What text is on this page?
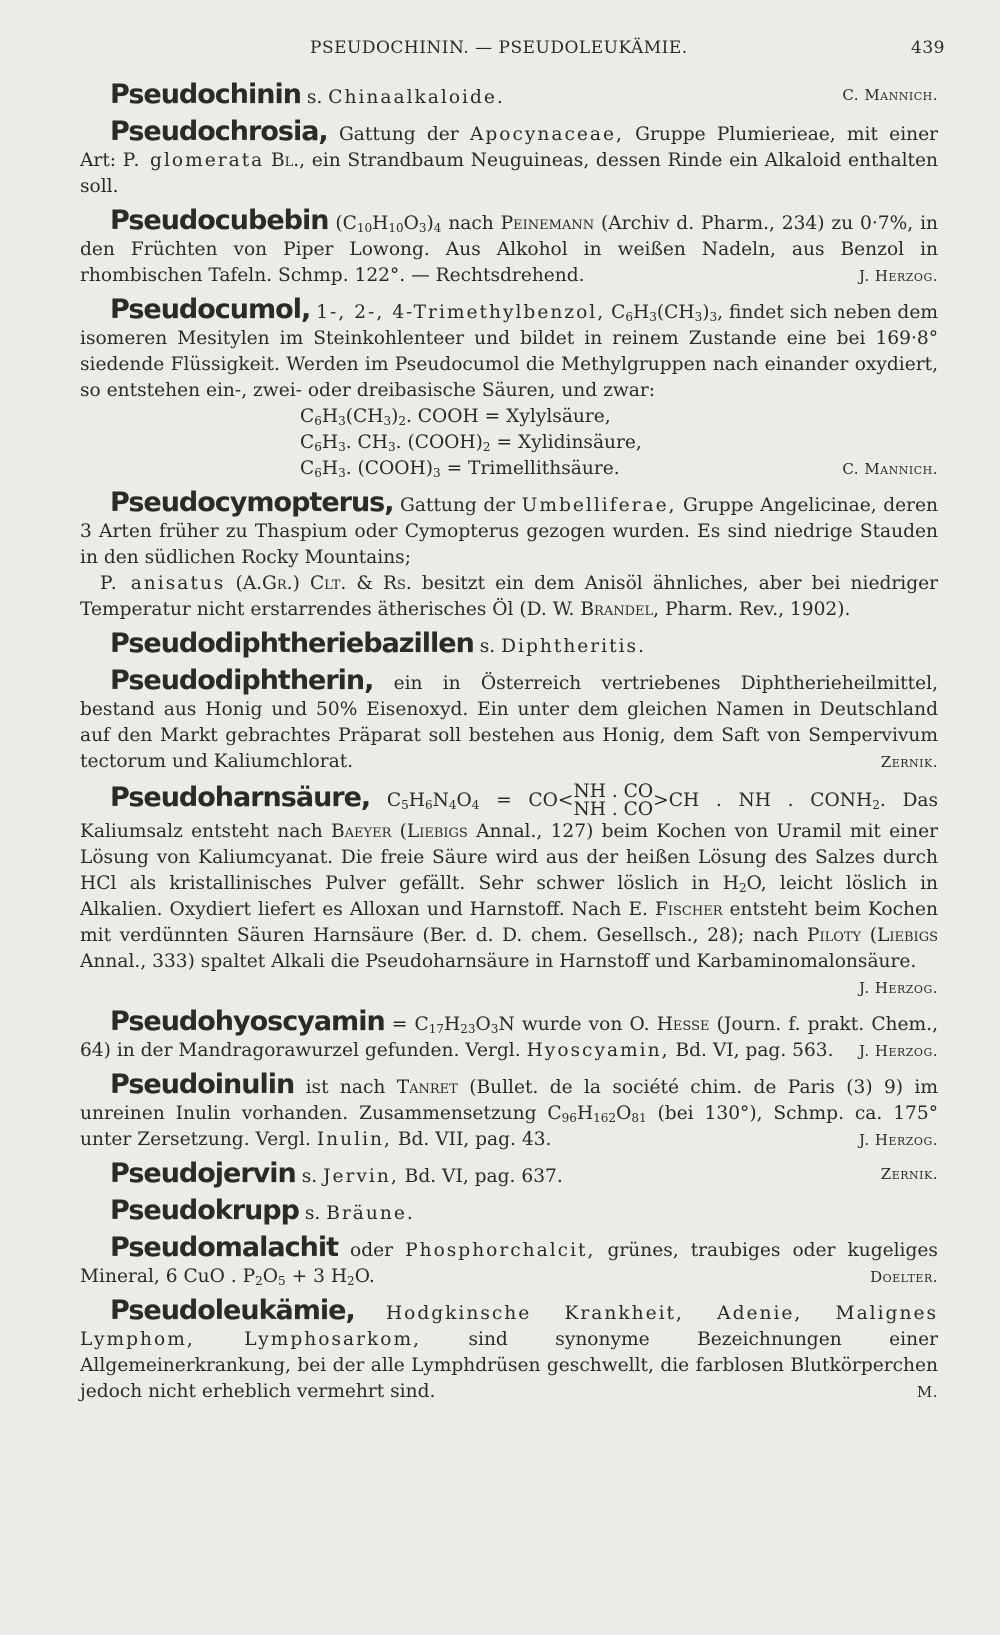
PSEUDOCHININ. — PSEUDOLEUKÄMIE.	439

Pseudochinin s. Chinaalkaloide.	C. Mannich.

Pseudochrosia, Gattung der Apocynaceae, Gruppe Plumierieae, mit einer Art: P. glomerata Bl., ein Strandbaum Neuguineas, dessen Rinde ein Alkaloid enthalten soll.

Pseudocubebin $(C_{10}H_{10}O_3)_4$ nach Peinemann (Archiv d. Pharm., 234) zu 0·7%, in den Früchten von Piper Lowong. Aus Alkohol in weißen Nadeln, aus Benzol in rhombischen Tafeln. Schmp. 122°. — Rechtsdrehend.	J. Herzog.

Pseudocumol, 1-, 2-, 4-Trimethylbenzol, $C_6H_3(CH_3)_3$, findet sich neben dem isomeren Mesitylen im Steinkohlenteer und bildet in reinem Zustande eine bei 169·8° siedende Flüssigkeit. Werden im Pseudocumol die Methylgruppen nach einander oxydiert, so entstehen ein-, zwei- oder dreibasische Säuren, und zwar:
$C_6H_3(CH_3)_2$. COOH = Xylylsäure,
$C_6H_3$. $CH_3$. $(COOH)_2$ = Xylidinsäure,
$C_6H_3$. $(COOH)_3$ = Trimellithsäure.	C. Mannich.

Pseudocymopterus, Gattung der Umbelliferae, Gruppe Angelicinae, deren 3 Arten früher zu Thaspium oder Cymopterus gezogen wurden. Es sind niedrige Stauden in den südlichen Rocky Mountains;
P. anisatus (A.Gr.) Clt. & Rs. besitzt ein dem Anisöl ähnliches, aber bei niedriger Temperatur nicht erstarrendes ätherisches Öl (D. W. Brandel, Pharm. Rev., 1902).

Pseudodiphtheriebazillen s. Diphtheritis.

Pseudodiphtherin, ein in Österreich vertriebenes Diphtherieheilmittel, bestand aus Honig und 50% Eisenoxyd. Ein unter dem gleichen Namen in Deutschland auf den Markt gebrachtes Präparat soll bestehen aus Honig, dem Saft von Sempervivum tectorum und Kaliumchlorat.	Zernik.

Pseudoharnsäure, $C_5H_6N_4O_4 = CO<NH$ . CO
NH . CO>CH . NH . $CONH_2$. Das Kaliumsalz entsteht nach Baeyer (Liebigs Annal., 127) beim Kochen von Uramil mit einer Lösung von Kaliumcyanat. Die freie Säure wird aus der heißen Lösung des Salzes durch HCl als kristallinisches Pulver gefällt. Sehr schwer löslich in $H_2O$, leicht löslich in Alkalien. Oxydiert liefert es Alloxan und Harnstoff. Nach E. Fischer entsteht beim Kochen mit verdünnten Säuren Harnsäure (Ber. d. D. chem. Gesellsch., 28); nach Piloty (Liebigs Annal., 333) spaltet Alkali die Pseudoharnsäure in Harnstoff und Karbaminomalonsäure.
J. Herzog.

Pseudohyoscyamin = $C_{17}H_{23}O_3N$ wurde von O. Hesse (Journ. f. prakt. Chem., 64) in der Mandragorawurzel gefunden. Vergl. Hyoscyamin, Bd. VI, pag. 563. J. Herzog.

Pseudoinulin ist nach Tanret (Bullet. de la société chim. de Paris (3) 9) im unreinen Inulin vorhanden. Zusammensetzung $C_{96}H_{162}O_{81}$ (bei 130°), Schmp. ca. 175° unter Zersetzung. Vergl. Inulin, Bd. VII, pag. 43.	J. Herzog.

Pseudojervin s. Jervin, Bd. VI, pag. 637.	Zernik.

Pseudokrupp s. Bräune.

Pseudomalachit oder Phosphorchalcit, grünes, traubiges oder kugeliges Mineral, 6 CuO . $P_2O_5 + 3$ $H_2O$.	Doelter.

Pseudoleukämie, Hodgkinsche Krankheit, Adenie, Malignes Lymphom, Lymphosarkom,	sind synonyme Bezeichnungen einer Allgemeinerkrankung, bei der alle Lymphdrüsen geschwellt, die farblosen Blutkörperchen jedoch nicht erheblich vermehrt sind.	M.
